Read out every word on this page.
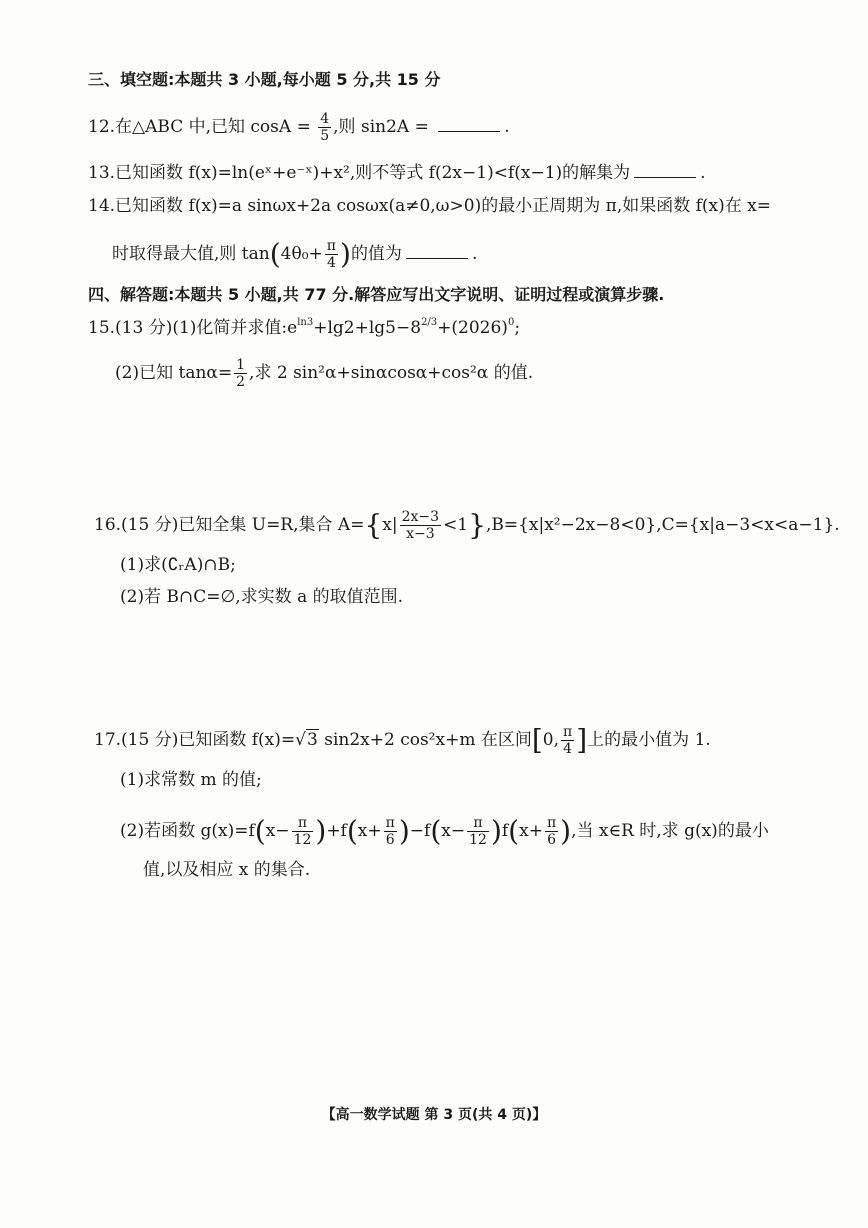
三、填空题:本题共 3 小题,每小题 5 分,共 15 分
12.在△ABC 中,已知 $\cos A = \frac{4}{5}$ ,则 sin2A =	.
13.已知函数 f(x)=ln(eˣ+e⁻ˣ)+x²,则不等式 f(2x−1)<f(x−1)的解集为	.
14.已知函数 f(x)=a sinωx+2a cosωx(a≠0,ω>0)的最小正周期为 π,如果函数 f(x)在 x=
时取得最大值,则 $\tan(4\theta_0+ \frac{\pi}{4}$ )的值为	.
四、解答题:本题共 5 小题,共 77 分.解答应写出文字说明、证明过程或演算步骤.
15.(13 分)(1)化简并求值$:e^{ln3}+\lg 2+\lg 5-8^{2/3}+(2026)^0$;
(2)已知 $\tan\alpha= \frac{1}{2}$ ,求 2 sin²α+sinαcosα+cos²α 的值.
16.(15 分)已知全集 U=R,集合 $A=\{x| \frac{2x-3}{x-3} <1\},B=\{x|x^2-2x-8<0\},C=\{x|a-3<x<a-1\}$.
(1)求(∁ᵣA)∩B;
(2)若 B∩C=∅,求实数 a 的取值范围.
17.(15 分)已知函数 f(x)=√3 sin2x+2 cos²x+m 在区间[0, $\frac{\pi}{4}$ ]上的最小值为 1.
(1)求常数 m 的值;
(2)若函数 $g(x)=f(x- \frac{\pi}{12} )+f(x+ \frac{\pi}{6} )-f(x- \frac{\pi}{12} )f(x+ \frac{\pi}{6}$ ),当 x∈R 时,求 g(x)的最小
值,以及相应 x 的集合.
【高一数学试题 第 3 页(共 4 页)】
